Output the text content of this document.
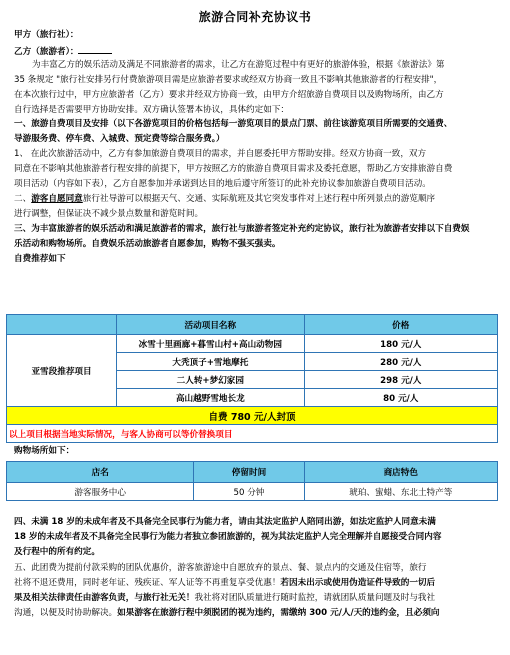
旅游合同补充协议书
甲方（旅行社）：
乙方（旅游者）：
为丰富乙方的娱乐活动及满足不同旅游者的需求，让乙方在游览过程中有更好的旅游体验，根据《旅游法》第
35 条规定 "旅行社安排另行付费旅游项目需是应旅游者要求或经双方协商一致且不影响其他旅游者的行程安排"，
在本次旅行过中，甲方应旅游者（乙方）要求并经双方协商一致，由甲方介绍旅游自费项目以及购物场所，由乙方
自行选择是否需要甲方协助安排。双方确认签署本协议，具体约定如下：
一、旅游自费项目及安排（以下各游览项目的价格包括每一游览项目的景点门票、前往该游览项目所需要的交通费、
导游服务费、停车费、入城费、预定费等综合服务费。）
1、 在此次旅游活动中，乙方有参加旅游自费项目的需求，并自愿委托甲方帮助安排。经双方协商一致，双方
同意在不影响其他旅游者行程安排的前提下，甲方按照乙方的旅游自费项目需求及委托意愿，帮助乙方安排旅游自费
项目活动（内容如下表），乙方自愿参加并承诺到达目的地后遵守所签订的此补充协议参加旅游自费项目活动。
二、游客自愿同意旅行社导游可以根据天气、交通、实际航班及其它突发事件对上述行程中所列景点的游览顺序
进行调整，但保证决不减少景点数量和游览时间。
三、为丰富旅游者的娱乐活动和满足旅游者的需求，旅行社与旅游者签定补充约定协议，旅行社为旅游者安排以下自费娱
乐活动和购物场所。自费娱乐活动旅游者自愿参加，购物不强买强卖。
自费推荐如下
	活动项目名称	价格
亚雪段推荐项目	冰雪十里画廊+暮雪山村+高山动物园	180 元/人
	大秃顶子+雪地摩托	280 元/人
	二人转+梦幻家园	298 元/人
	高山越野雪地长龙	80 元/人
自费 780 元/人封顶		
以上项目根据当地实际情况，与客人协商可以等价替换项目		
购物场所如下：
店名	停留时间	商店特色
游客服务中心	50 分钟	琥珀、蜜蜡、东北土特产等
四、未满 18 岁的未成年者及不具备完全民事行为能力者，请由其法定监护人陪同出游，如法定监护人同意未满
18 岁的未成年者及不具备完全民事行为能力者独立参团旅游的，视为其法定监护人完全理解并自愿接受合同内容
及行程中的所有约定。
五、此团费为提前付款采购的团队优惠价，游客旅游途中自愿放弃的景点、餐、景点内的交通及住宿等，旅行
社将不退还费用，同时老年证、残疾证、军人证等不再重复享受优惠！若因未出示或使用伪造证件导致的一切后
果及相关法律责任由游客负责，与旅行社无关！我社将对团队质量进行随时监控，请就团队质量问题及时与我社
沟通，以便及时协助解决。如果游客在旅游行程中须脱团的视为违约，需缴纳 300 元/人/天的违约金，且必须向
